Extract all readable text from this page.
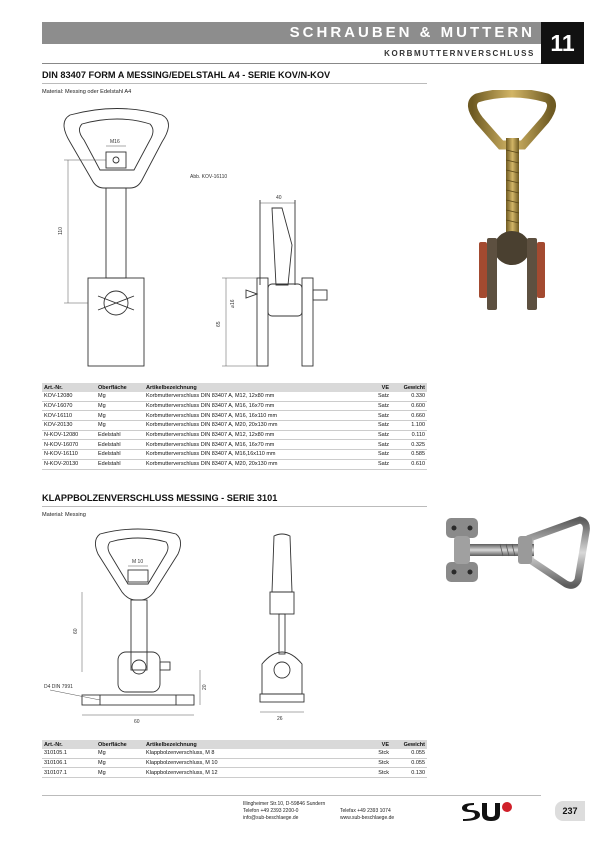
SCHRAUBEN & MUTTERN
KORBMUTTERNVERSCHLUSS 11
DIN 83407 FORM A MESSING/EDELSTAHL A4 - SERIE KOV/N-KOV
Material: Messing oder Edelstahl A4
Abb. KOV-16110
M16
110
40
⌀16
65
Art.-Nr.	Oberfläche	Artikelbezeichnung	VE	Gewicht
KOV-12080	Mg	Korbmutterverschluss DIN 83407 A, M12, 12x80 mm	Satz	0.330
KOV-16070	Mg	Korbmutterverschluss DIN 83407 A, M16, 16x70 mm	Satz	0.600
KOV-16110	Mg	Korbmutterverschluss DIN 83407 A, M16, 16x110 mm	Satz	0.660
KOV-20130	Mg	Korbmutterverschluss DIN 83407 A, M20, 20x130 mm	Satz	1.100
N-KOV-12080	Edelstahl	Korbmutterverschluss DIN 83407 A, M12, 12x80 mm	Satz	0.110
N-KOV-16070	Edelstahl	Korbmutterverschluss DIN 83407 A, M16, 16x70 mm	Satz	0.325
N-KOV-16110	Edelstahl	Korbmutterverschluss DIN 83407 A, M16,16x110 mm	Satz	0.585
N-KOV-20130	Edelstahl	Korbmutterverschluss DIN 83407 A, M20, 20x130 mm	Satz	0.610
KLAPPBOLZENVERSCHLUSS MESSING - SERIE 3101
Material: Messing
M 10
60
D4 DIN 7991
60
20
26
Art.-Nr.	Oberfläche	Artikelbezeichnung	VE	Gewicht
310105.1	Mg	Klappbolzenverschluss, M 8	Stck	0.055
310106.1	Mg	Klappbolzenverschluss, M 10	Stck	0.055
310107.1	Mg	Klappbolzenverschluss, M 12	Stck	0.130
Illingheimer Str.10, D-59846 Sundern
Telefon +49 2393 2200-0	Telefax +49 2393 1074
info@sub-beschlaege.de	www.sub-beschlaege.de
237
